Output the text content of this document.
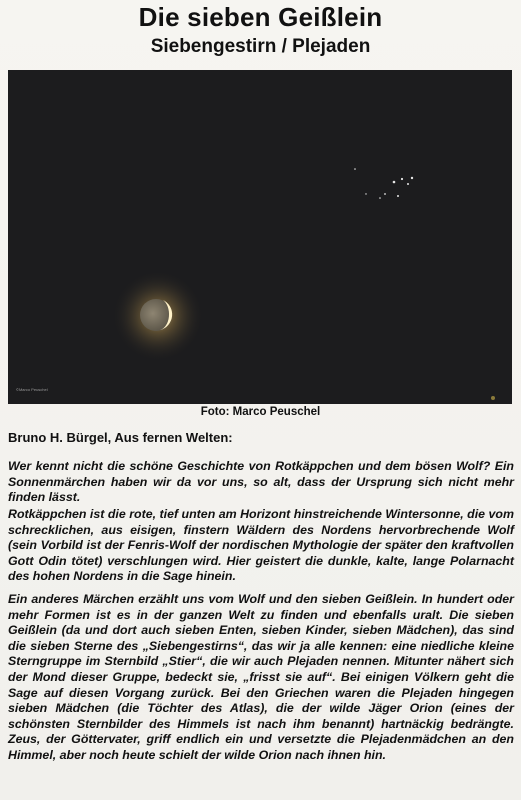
Die sieben Geißlein
Siebengestirn / Plejaden
©Marco Peuschel
Foto: Marco Peuschel
Bruno H. Bürgel, Aus fernen Welten:

Wer kennt nicht die schöne Geschichte von Rotkäppchen und dem bösen Wolf? Ein Sonnenmärchen haben wir da vor uns, so alt, dass der Ursprung sich nicht mehr finden lässt.

Rotkäppchen ist die rote, tief unten am Horizont hinstreichende Wintersonne, die vom schrecklichen, aus eisigen, finstern Wäldern des Nordens hervorbrechende Wolf (sein Vorbild ist der Fenris-Wolf der nordischen Mythologie der später den kraftvollen Gott Odin tötet) verschlungen wird. Hier geistert die dunkle, kalte, lange Polarnacht des hohen Nordens in die Sage hinein.

Ein anderes Märchen erzählt uns vom Wolf und den sieben Geißlein. In hundert oder mehr Formen ist es in der ganzen Welt zu finden und ebenfalls uralt. Die sieben Geißlein (da und dort auch sieben Enten, sieben Kinder, sieben Mädchen), das sind die sieben Sterne des „Siebengestirns“, das wir ja alle kennen: eine niedliche kleine Sterngruppe im Sternbild „Stier“, die wir auch Plejaden nennen. Mitunter nähert sich der Mond dieser Gruppe, bedeckt sie, „frisst sie auf“. Bei einigen Völkern geht die Sage auf diesen Vorgang zurück. Bei den Griechen waren die Plejaden hingegen sieben Mädchen (die Töchter des Atlas), die der wilde Jäger Orion (eines der schönsten Sternbilder des Himmels ist nach ihm benannt) hartnäckig bedrängte. Zeus, der Göttervater, griff endlich ein und versetzte die Plejadenmädchen an den Himmel, aber noch heute schielt der wilde Orion nach ihnen hin.
